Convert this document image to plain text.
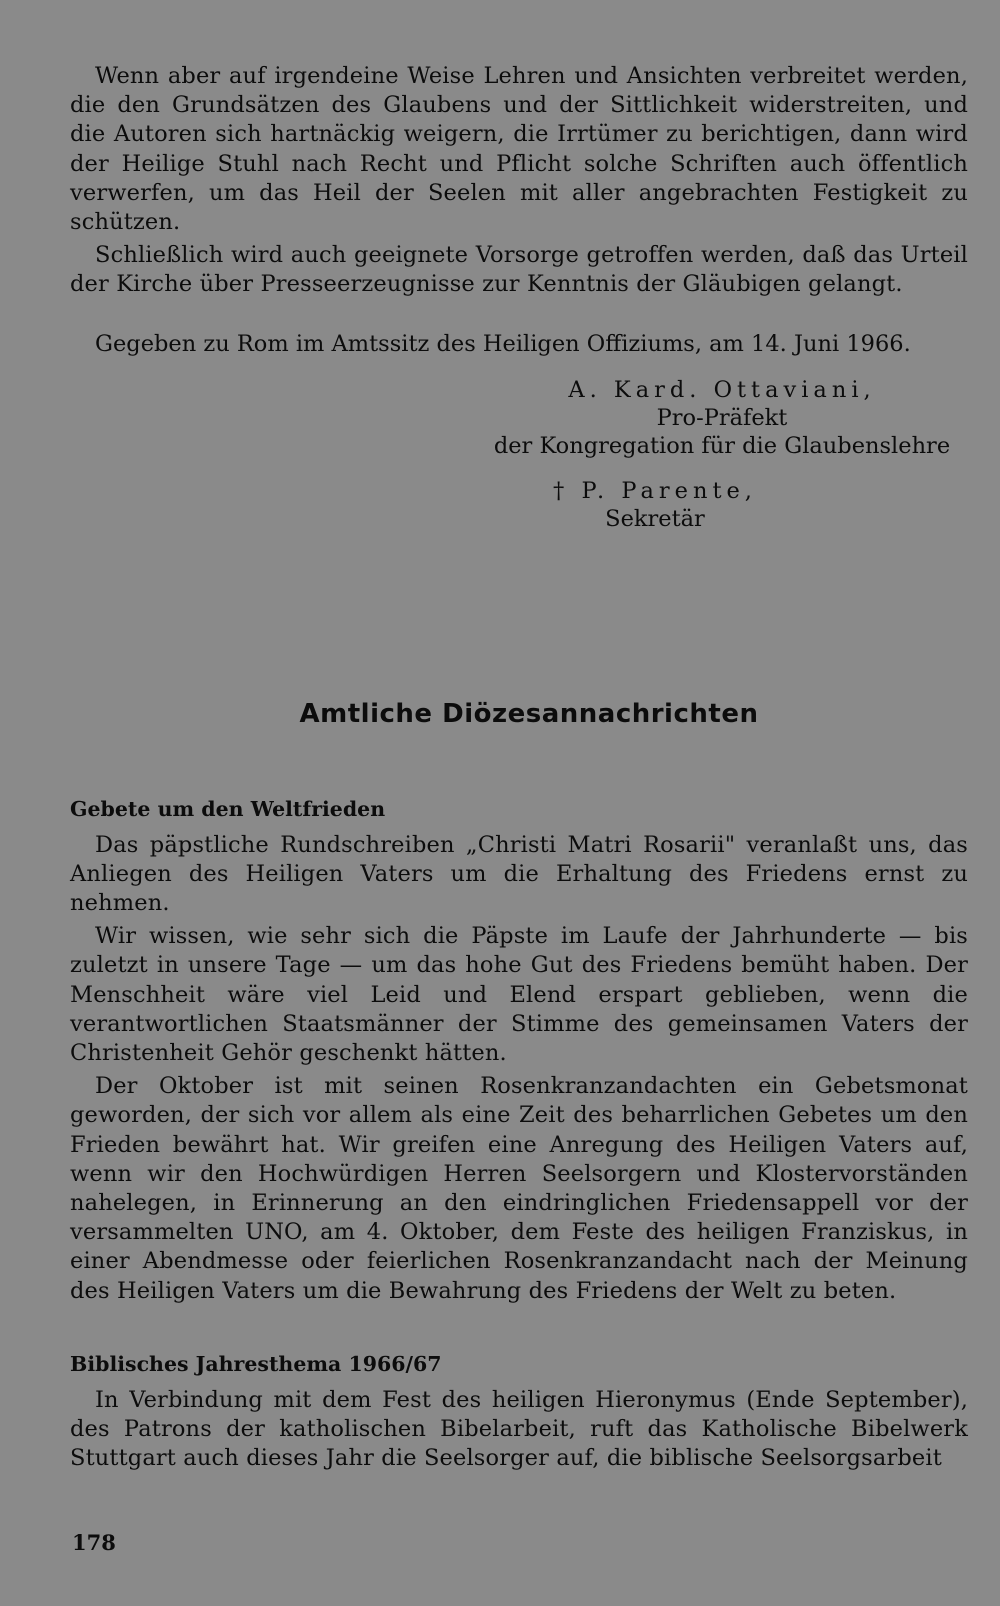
Wenn aber auf irgendeine Weise Lehren und Ansichten verbreitet werden, die den Grundsätzen des Glaubens und der Sittlichkeit widerstreiten, und die Autoren sich hartnäckig weigern, die Irrtümer zu berichtigen, dann wird der Heilige Stuhl nach Recht und Pflicht solche Schriften auch öffentlich verwerfen, um das Heil der Seelen mit aller angebrachten Festigkeit zu schützen.

Schließlich wird auch geeignete Vorsorge getroffen werden, daß das Urteil der Kirche über Presseerzeugnisse zur Kenntnis der Gläubigen gelangt.

Gegeben zu Rom im Amtssitz des Heiligen Offiziums, am 14. Juni 1966.

A. Kard. Ottaviani,
Pro-Präfekt
der Kongregation für die Glaubenslehre
† P. Parente,
Sekretär
Amtliche Diözesannachrichten
Gebete um den Weltfrieden

Das päpstliche Rundschreiben „Christi Matri Rosarii" veranlaßt uns, das Anliegen des Heiligen Vaters um die Erhaltung des Friedens ernst zu nehmen.

Wir wissen, wie sehr sich die Päpste im Laufe der Jahrhunderte — bis zuletzt in unsere Tage — um das hohe Gut des Friedens bemüht haben. Der Menschheit wäre viel Leid und Elend erspart geblieben, wenn die verantwortlichen Staatsmänner der Stimme des gemeinsamen Vaters der Christenheit Gehör geschenkt hätten.

Der Oktober ist mit seinen Rosenkranzandachten ein Gebetsmonat geworden, der sich vor allem als eine Zeit des beharrlichen Gebetes um den Frieden bewährt hat. Wir greifen eine Anregung des Heiligen Vaters auf, wenn wir den Hochwürdigen Herren Seelsorgern und Klostervorständen nahelegen, in Erinnerung an den eindringlichen Friedensappell vor der versammelten UNO, am 4. Oktober, dem Feste des heiligen Franziskus, in einer Abendmesse oder feierlichen Rosenkranzandacht nach der Meinung des Heiligen Vaters um die Bewahrung des Friedens der Welt zu beten.

Biblisches Jahresthema 1966/67

In Verbindung mit dem Fest des heiligen Hieronymus (Ende September), des Patrons der katholischen Bibelarbeit, ruft das Katholische Bibelwerk Stuttgart auch dieses Jahr die Seelsorger auf, die biblische Seelsorgsarbeit

178
